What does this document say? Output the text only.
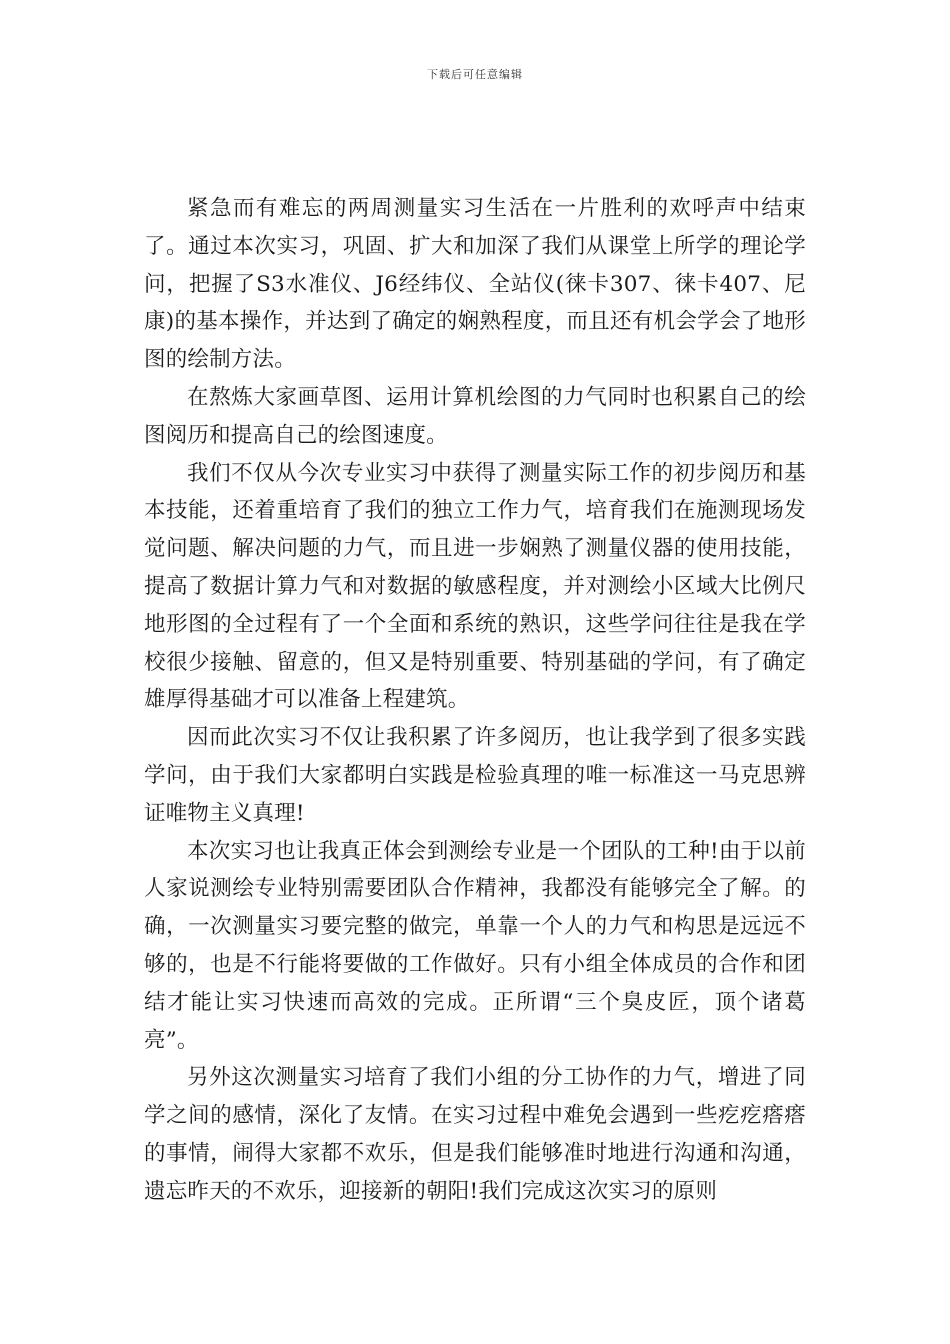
下载后可任意编辑

紧急而有难忘的两周测量实习生活在一片胜利的欢呼声中结束了。通过本次实习，巩固、扩大和加深了我们从课堂上所学的理论学问，把握了S3水准仪、J6经纬仪、全站仪(徕卡307、徕卡407、尼康)的基本操作，并达到了确定的娴熟程度，而且还有机会学会了地形图的绘制方法。

在熬炼大家画草图、运用计算机绘图的力气同时也积累自己的绘图阅历和提高自己的绘图速度。

我们不仅从今次专业实习中获得了测量实际工作的初步阅历和基本技能，还着重培育了我们的独立工作力气，培育我们在施测现场发觉问题、解决问题的力气，而且进一步娴熟了测量仪器的使用技能，提高了数据计算力气和对数据的敏感程度，并对测绘小区域大比例尺地形图的全过程有了一个全面和系统的熟识，这些学问往往是我在学校很少接触、留意的，但又是特别重要、特别基础的学问，有了确定雄厚得基础才可以准备上程建筑。

因而此次实习不仅让我积累了许多阅历，也让我学到了很多实践学问，由于我们大家都明白实践是检验真理的唯一标准这一马克思辨证唯物主义真理!

本次实习也让我真正体会到测绘专业是一个团队的工种!由于以前人家说测绘专业特别需要团队合作精神，我都没有能够完全了解。的确，一次测量实习要完整的做完，单靠一个人的力气和构思是远远不够的，也是不行能将要做的工作做好。只有小组全体成员的合作和团结才能让实习快速而高效的完成。正所谓“三个臭皮匠，顶个诸葛亮”。

另外这次测量实习培育了我们小组的分工协作的力气，增进了同学之间的感情，深化了友情。在实习过程中难免会遇到一些疙疙瘩瘩的事情，闹得大家都不欢乐，但是我们能够准时地进行沟通和沟通，遗忘昨天的不欢乐，迎接新的朝阳!我们完成这次实习的原则
